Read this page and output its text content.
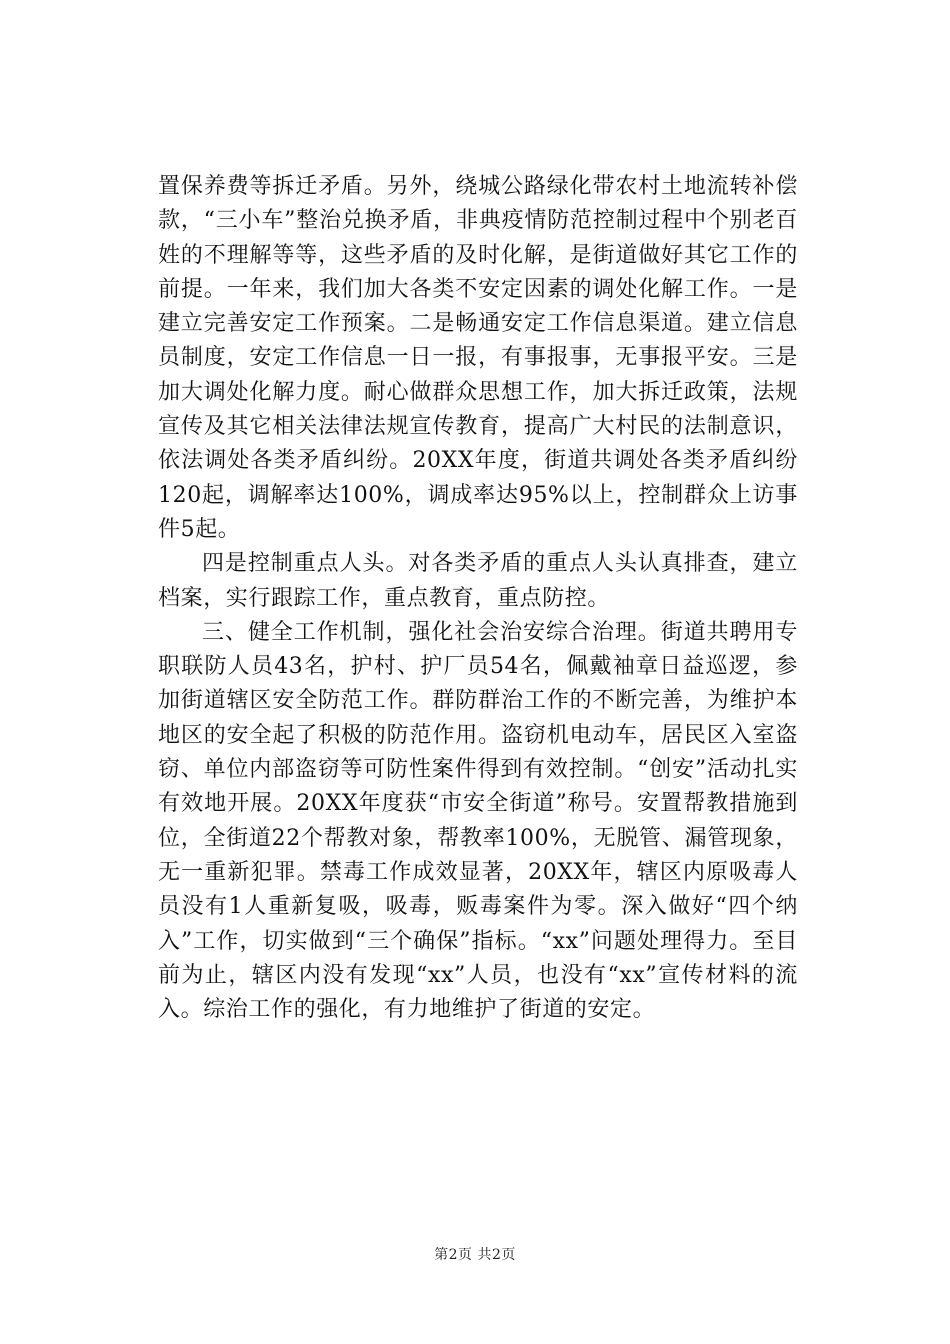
置保养费等拆迁矛盾。另外，绕城公路绿化带农村土地流转补偿款，“三小车”整治兑换矛盾，非典疫情防范控制过程中个别老百姓的不理解等等，这些矛盾的及时化解，是街道做好其它工作的前提。一年来，我们加大各类不安定因素的调处化解工作。一是建立完善安定工作预案。二是畅通安定工作信息渠道。建立信息员制度，安定工作信息一日一报，有事报事，无事报平安。三是加大调处化解力度。耐心做群众思想工作，加大拆迁政策，法规宣传及其它相关法律法规宣传教育，提高广大村民的法制意识，依法调处各类矛盾纠纷。20XX年度，街道共调处各类矛盾纠纷120起，调解率达100%，调成率达95%以上，控制群众上访事件5起。

四是控制重点人头。对各类矛盾的重点人头认真排查，建立档案，实行跟踪工作，重点教育，重点防控。

三、健全工作机制，强化社会治安综合治理。街道共聘用专职联防人员43名，护村、护厂员54名，佩戴袖章日益巡逻，参加街道辖区安全防范工作。群防群治工作的不断完善，为维护本地区的安全起了积极的防范作用。盗窃机电动车，居民区入室盗窃、单位内部盗窃等可防性案件得到有效控制。“创安”活动扎实有效地开展。20XX年度获“市安全街道”称号。安置帮教措施到位，全街道22个帮教对象，帮教率100%，无脱管、漏管现象，无一重新犯罪。禁毒工作成效显著，20XX年，辖区内原吸毒人员没有1人重新复吸，吸毒，贩毒案件为零。深入做好“四个纳入”工作，切实做到“三个确保”指标。“xx”问题处理得力。至目前为止，辖区内没有发现“xx”人员，也没有“xx”宣传材料的流入。综治工作的强化，有力地维护了街道的安定。

第2页 共2页
